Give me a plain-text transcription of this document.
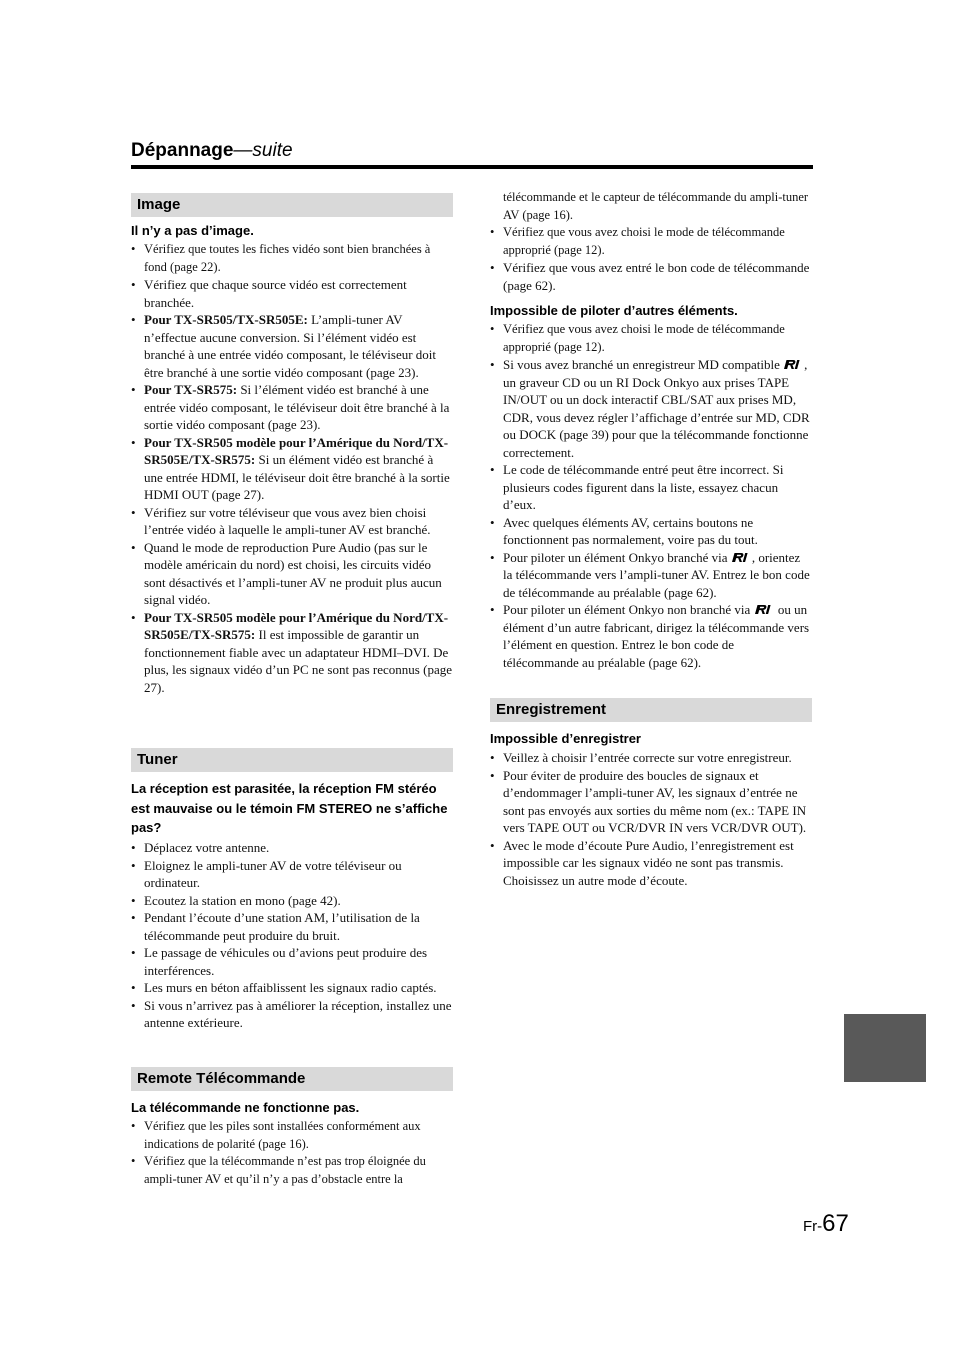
Dépannage—suite
Image
Il n’y a pas d’image.
• Vérifiez que toutes les fiches vidéo sont bien branchées à fond (page 22).
• Vérifiez que chaque source vidéo est correctement branchée.
• Pour TX-SR505/TX-SR505E: L’ampli-tuner AV n’effectue aucune conversion. Si l’élément vidéo est branché à une entrée vidéo composant, le téléviseur doit être branché à une sortie vidéo composant (page 23).
• Pour TX-SR575: Si l’élément vidéo est branché à une entrée vidéo composant, le téléviseur doit être branché à la sortie vidéo composant (page 23).
• Pour TX-SR505 modèle pour l’Amérique du Nord/TX-SR505E/TX-SR575: Si un élément vidéo est branché à une entrée HDMI, le téléviseur doit être branché à la sortie HDMI OUT (page 27).
• Vérifiez sur votre téléviseur que vous avez bien choisi l’entrée vidéo à laquelle le ampli-tuner AV est branché.
• Quand le mode de reproduction Pure Audio (pas sur le modèle américain du nord) est choisi, les circuits vidéo sont désactivés et l’ampli-tuner AV ne produit plus aucun signal vidéo.
• Pour TX-SR505 modèle pour l’Amérique du Nord/TX-SR505E/TX-SR575: Il est impossible de garantir un fonctionnement fiable avec un adaptateur HDMI–DVI. De plus, les signaux vidéo d’un PC ne sont pas reconnus (page 27).
Tuner
La réception est parasitée, la réception FM stéréo est mauvaise ou le témoin FM STEREO ne s’affiche pas?
• Déplacez votre antenne.
• Eloignez le ampli-tuner AV de votre téléviseur ou ordinateur.
• Ecoutez la station en mono (page 42).
• Pendant l’écoute d’une station AM, l’utilisation de la télécommande peut produire du bruit.
• Le passage de véhicules ou d’avions peut produire des interférences.
• Les murs en béton affaiblissent les signaux radio captés.
• Si vous n’arrivez pas à améliorer la réception, installez une antenne extérieure.
Remote Télécommande
La télécommande ne fonctionne pas.
• Vérifiez que les piles sont installées conformément aux indications de polarité (page 16).
• Vérifiez que la télécommande n’est pas trop éloignée du ampli-tuner AV et qu’il n’y a pas d’obstacle entre la
télécommande et le capteur de télécommande du ampli-tuner AV (page 16).
• Vérifiez que vous avez choisi le mode de télécommande approprié (page 12).
• Vérifiez que vous avez entré le bon code de télécommande (page 62).
Impossible de piloter d’autres éléments.
• Vérifiez que vous avez choisi le mode de télécommande approprié (page 12).
• Si vous avez branché un enregistreur MD compatible , un graveur CD ou un RI Dock Onkyo aux prises TAPE IN/OUT ou un dock interactif CBL/SAT aux prises MD, CDR, vous devez régler l’affichage d’entrée sur MD, CDR ou DOCK (page 39) pour que la télécommande fonctionne correctement.
• Le code de télécommande entré peut être incorrect. Si plusieurs codes figurent dans la liste, essayez chacun d’eux.
• Avec quelques éléments AV, certains boutons ne fonctionnent pas normalement, voire pas du tout.
• Pour piloter un élément Onkyo branché via , orientez la télécommande vers l’ampli-tuner AV. Entrez le bon code de télécommande au préalable (page 62).
• Pour piloter un élément Onkyo non branché via  ou un élément d’un autre fabricant, dirigez la télécommande vers l’élément en question. Entrez le bon code de télécommande au préalable (page 62).
Enregistrement
Impossible d’enregistrer
• Veillez à choisir l’entrée correcte sur votre enregistreur.
• Pour éviter de produire des boucles de signaux et d’endommager l’ampli-tuner AV, les signaux d’entrée ne sont pas envoyés aux sorties du même nom (ex.: TAPE IN vers TAPE OUT ou VCR/DVR IN vers VCR/DVR OUT).
• Avec le mode d’écoute Pure Audio, l’enregistrement est impossible car les signaux vidéo ne sont pas transmis. Choisissez un autre mode d’écoute.
Fr-67
